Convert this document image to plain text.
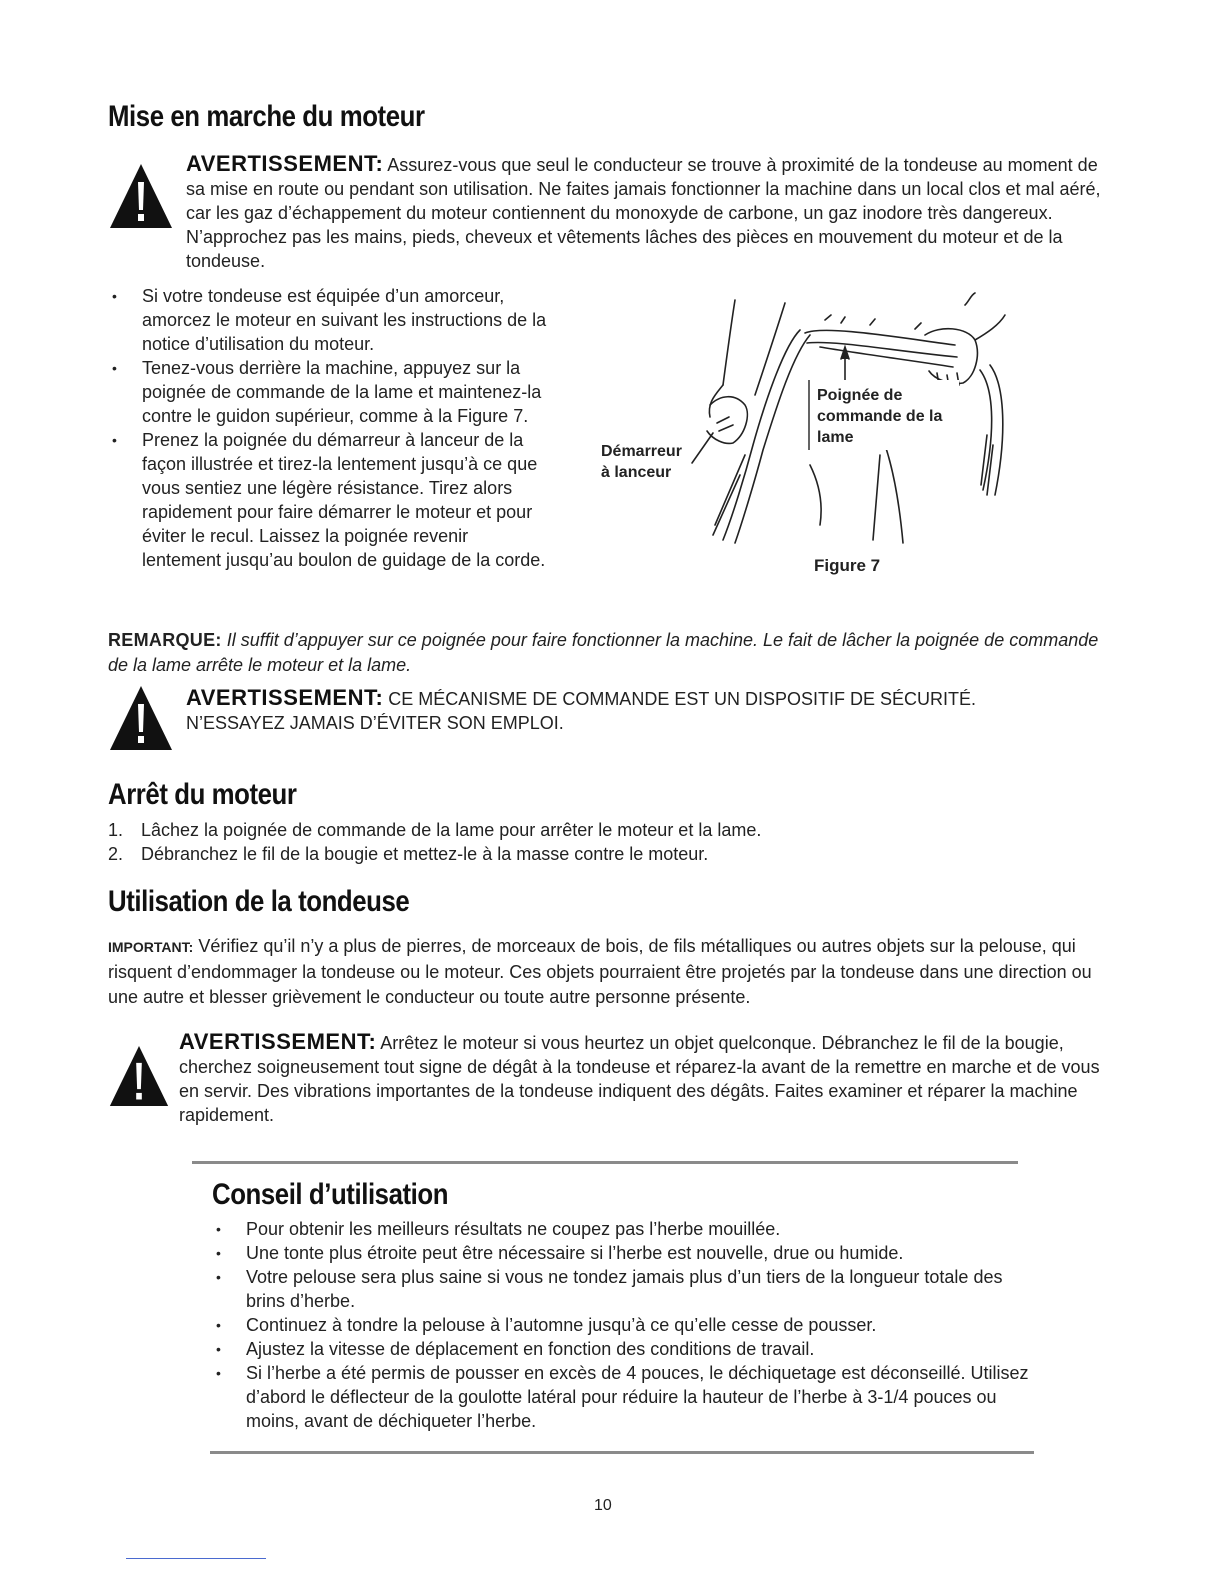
Mise en marche du moteur
AVERTISSEMENT: Assurez-vous que seul le conducteur se trouve à proximité de la tondeuse au moment de sa mise en route ou pendant son utilisation. Ne faites jamais fonctionner la machine dans un local clos et mal aéré, car les gaz d’échappement du moteur contiennent du monoxyde de carbone, un gaz inodore très dangereux. N’approchez pas les mains, pieds, cheveux et vêtements lâches des pièces en mouvement du moteur et de la tondeuse.
• Si votre tondeuse est équipée d’un amorceur, amorcez le moteur en suivant les instructions de la notice d’utilisation du moteur.
• Tenez-vous derrière la machine, appuyez sur la poignée de commande de la lame et maintenez-la contre le guidon supérieur, comme à la Figure 7.
• Prenez la poignée du démarreur à lanceur de la façon illustrée et tirez-la lentement jusqu’à ce que vous sentiez une légère résistance. Tirez alors rapidement pour faire démarrer le moteur et pour éviter le recul. Laissez la poignée revenir lentement jusqu’au boulon de guidage de la corde.
Poignée de
commande de la
lame
Démarreur
à lanceur
Figure 7
REMARQUE: Il suffit d’appuyer sur ce poignée pour faire fonctionner la machine. Le fait de lâcher la poignée de commande de la lame arrête le moteur et la lame.
AVERTISSEMENT: CE MÉCANISME DE COMMANDE EST UN DISPOSITIF DE SÉCURITÉ.
N’ESSAYEZ JAMAIS D’ÉVITER SON EMPLOI.
Arrêt du moteur
1. Lâchez la poignée de commande de la lame pour arrêter le moteur et la lame.
2. Débranchez le fil de la bougie et mettez-le à la masse contre le moteur.
Utilisation de la tondeuse
IMPORTANT: Vérifiez qu’il n’y a plus de pierres, de morceaux de bois, de fils métalliques ou autres objets sur la pelouse, qui risquent d’endommager la tondeuse ou le moteur. Ces objets pourraient être projetés par la tondeuse dans une direction ou une autre et blesser grièvement le conducteur ou toute autre personne présente.
AVERTISSEMENT: Arrêtez le moteur si vous heurtez un objet quelconque. Débranchez le fil de la bougie, cherchez soigneusement tout signe de dégât à la tondeuse et réparez-la avant de la remettre en marche et de vous en servir. Des vibrations importantes de la tondeuse indiquent des dégâts. Faites examiner et réparer la machine rapidement.
Conseil d’utilisation
• Pour obtenir les meilleurs résultats ne coupez pas l’herbe mouillée.
• Une tonte plus étroite peut être nécessaire si l’herbe est nouvelle, drue ou humide.
• Votre pelouse sera plus saine si vous ne tondez jamais plus d’un tiers de la longueur totale des brins d’herbe.
• Continuez à tondre la pelouse à l’automne jusqu’à ce qu’elle cesse de pousser.
• Ajustez la vitesse de déplacement en fonction des conditions de travail.
• Si l’herbe a été permis de pousser en excès de 4 pouces, le déchiquetage est déconseillé. Utilisez d’abord le déflecteur de la goulotte latéral pour réduire la hauteur de l’herbe à 3-1/4 pouces ou moins, avant de déchiqueter l’herbe.
10
